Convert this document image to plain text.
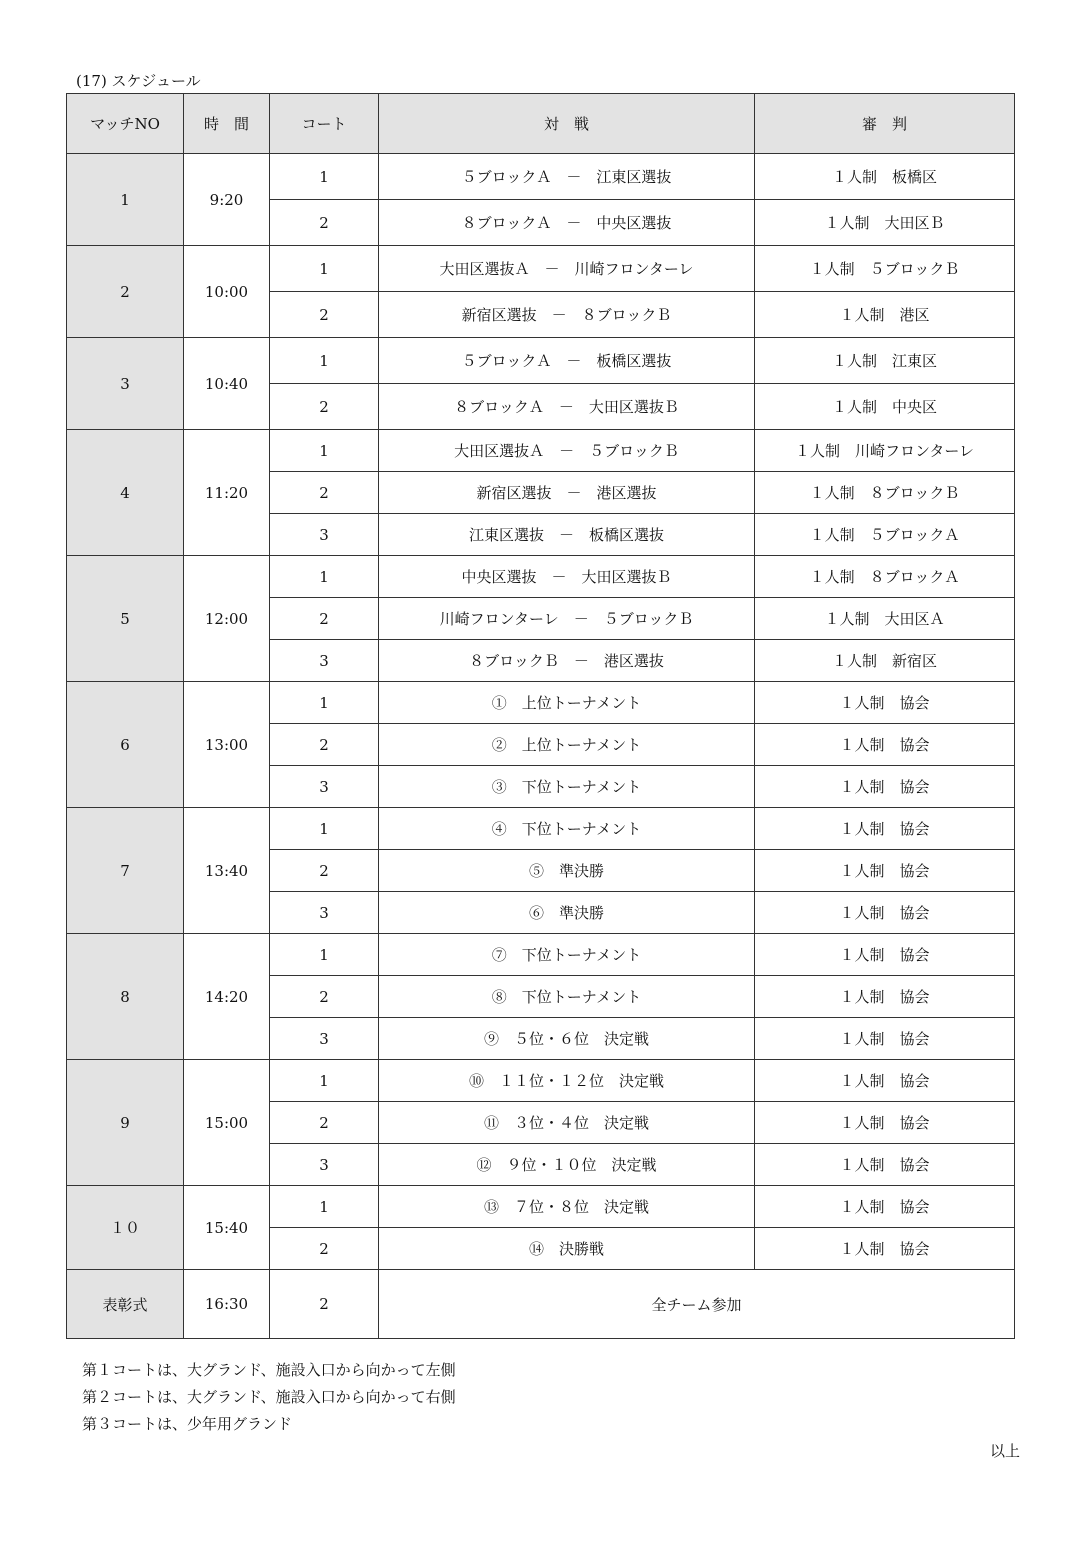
(17) スケジュール
マッチNO	時　間	コート	対　戦	審　判
1	9:20	1	５ブロックＡ　－　江東区選抜	１人制　板橋区
		2	８ブロックＡ　－　中央区選抜	１人制　大田区Ｂ
2	10:00	1	大田区選抜Ａ　－　川崎フロンターレ	１人制　５ブロックＢ
		2	新宿区選抜　－　８ブロックＢ	１人制　港区
3	10:40	1	５ブロックＡ　－　板橋区選抜	１人制　江東区
		2	８ブロックＡ　－　大田区選抜Ｂ	１人制　中央区
4	11:20	1	大田区選抜Ａ　－　５ブロックＢ	１人制　川崎フロンターレ
		2	新宿区選抜　－　港区選抜	１人制　８ブロックＢ
		3	江東区選抜　－　板橋区選抜	１人制　５ブロックＡ
5	12:00	1	中央区選抜　－　大田区選抜Ｂ	１人制　８ブロックＡ
		2	川崎フロンターレ　－　５ブロックＢ	１人制　大田区Ａ
		3	８ブロックＢ　－　港区選抜	１人制　新宿区
6	13:00	1	①　上位トーナメント	１人制　協会
		2	②　上位トーナメント	１人制　協会
		3	③　下位トーナメント	１人制　協会
7	13:40	1	④　下位トーナメント	１人制　協会
		2	⑤　準決勝	１人制　協会
		3	⑥　準決勝	１人制　協会
8	14:20	1	⑦　下位トーナメント	１人制　協会
		2	⑧　下位トーナメント	１人制　協会
		3	⑨　５位・６位　決定戦	１人制　協会
9	15:00	1	⑩　１１位・１２位　決定戦	１人制　協会
		2	⑪　３位・４位　決定戦	１人制　協会
		3	⑫　９位・１０位　決定戦	１人制　協会
１０	15:40	1	⑬　７位・８位　決定戦	１人制　協会
		2	⑭　決勝戦	１人制　協会
表彰式	16:30	2	全チーム参加	
第１コートは、大グランド、施設入口から向かって左側
第２コートは、大グランド、施設入口から向かって右側
第３コートは、少年用グランド
以上
